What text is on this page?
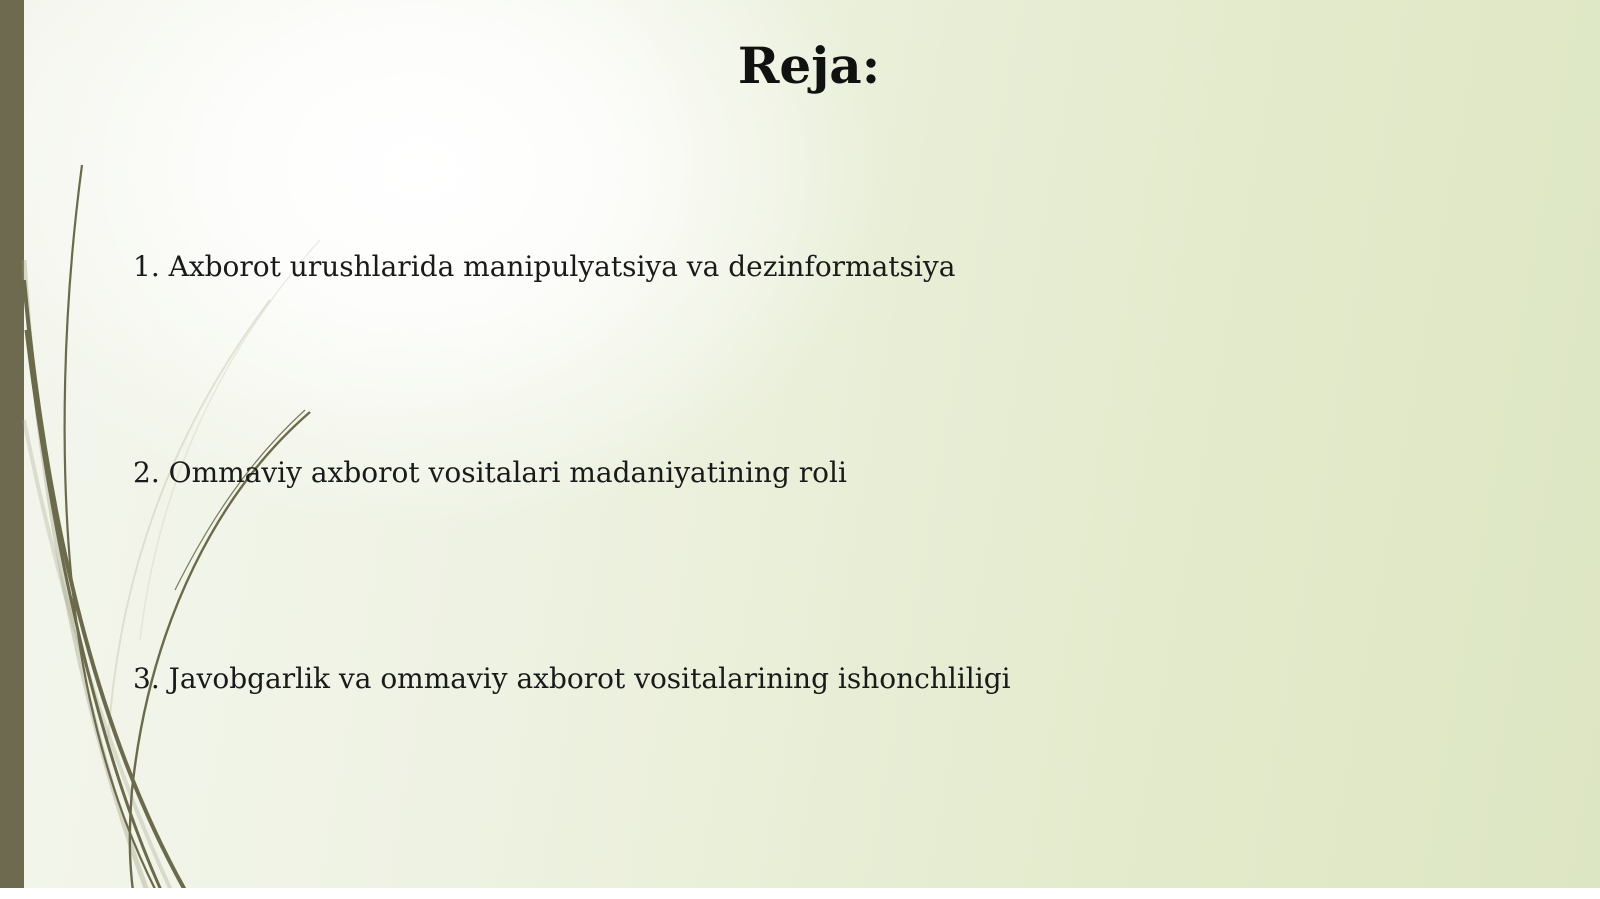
Reja:
1. Axborot urushlarida manipulyatsiya va dezinformatsiya
2. Ommaviy axborot vositalari madaniyatining roli
3. Javobgarlik va ommaviy axborot vositalarining ishonchliligi
